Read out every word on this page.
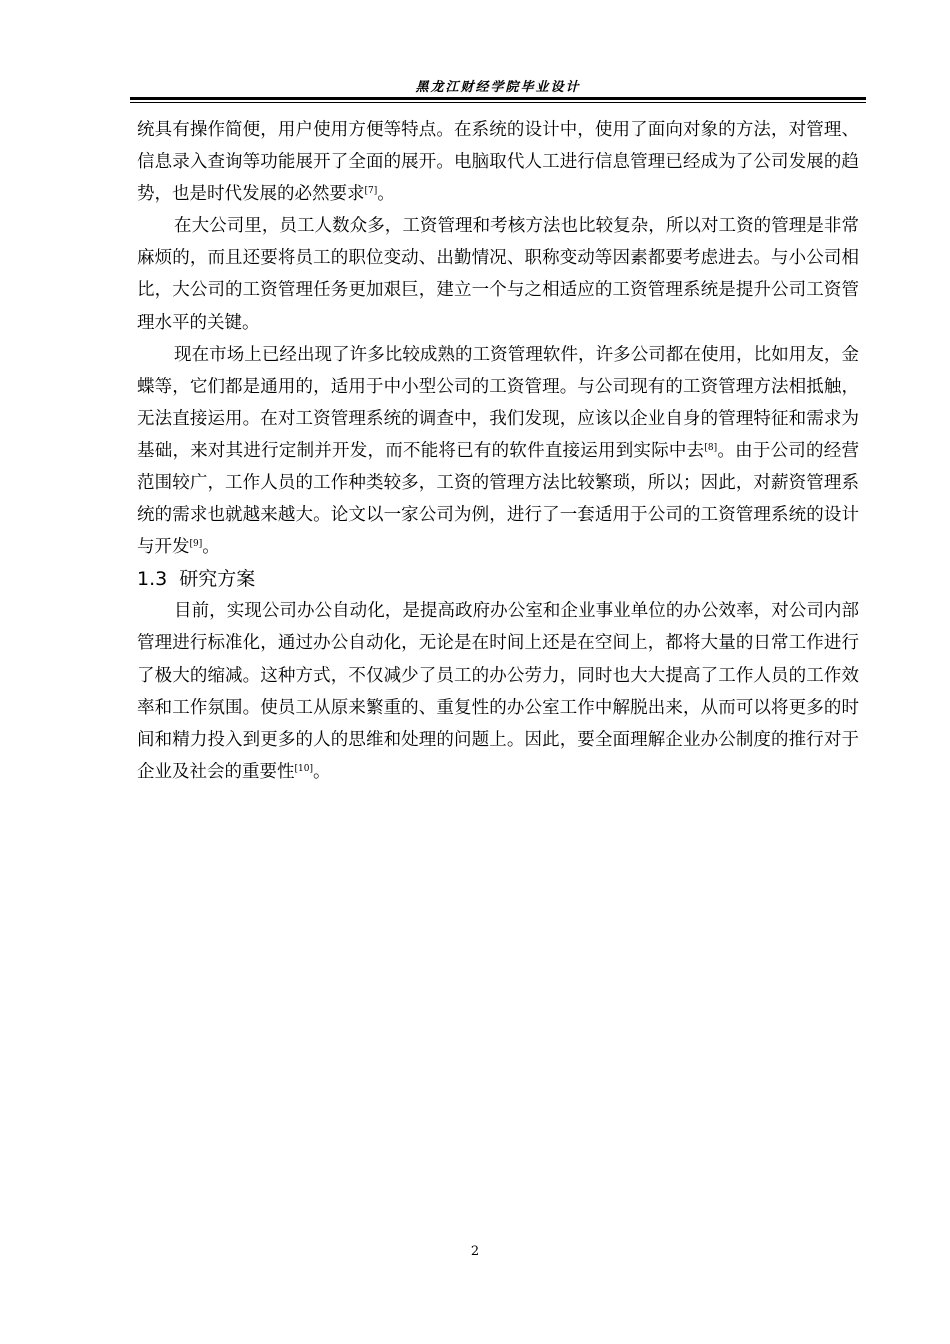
黑龙江财经学院毕业设计

统具有操作简便，用户使用方便等特点。在系统的设计中，使用了面向对象的方法，对管理、信息录入查询等功能展开了全面的展开。电脑取代人工进行信息管理已经成为了公司发展的趋势，也是时代发展的必然要求[7]。

在大公司里，员工人数众多，工资管理和考核方法也比较复杂，所以对工资的管理是非常麻烦的，而且还要将员工的职位变动、出勤情况、职称变动等因素都要考虑进去。与小公司相比，大公司的工资管理任务更加艰巨，建立一个与之相适应的工资管理系统是提升公司工资管理水平的关键。

现在市场上已经出现了许多比较成熟的工资管理软件，许多公司都在使用，比如用友，金蝶等，它们都是通用的，适用于中小型公司的工资管理。与公司现有的工资管理方法相抵触，无法直接运用。在对工资管理系统的调查中，我们发现，应该以企业自身的管理特征和需求为基础，来对其进行定制并开发，而不能将已有的软件直接运用到实际中去[8]。由于公司的经营范围较广，工作人员的工作种类较多，工资的管理方法比较繁琐，所以；因此，对薪资管理系统的需求也就越来越大。论文以一家公司为例，进行了一套适用于公司的工资管理系统的设计与开发[9]。

1.3 研究方案

目前，实现公司办公自动化，是提高政府办公室和企业事业单位的办公效率，对公司内部管理进行标准化，通过办公自动化，无论是在时间上还是在空间上，都将大量的日常工作进行了极大的缩减。这种方式，不仅减少了员工的办公劳力，同时也大大提高了工作人员的工作效率和工作氛围。使员工从原来繁重的、重复性的办公室工作中解脱出来，从而可以将更多的时间和精力投入到更多的人的思维和处理的问题上。因此，要全面理解企业办公制度的推行对于企业及社会的重要性[10]。

2
